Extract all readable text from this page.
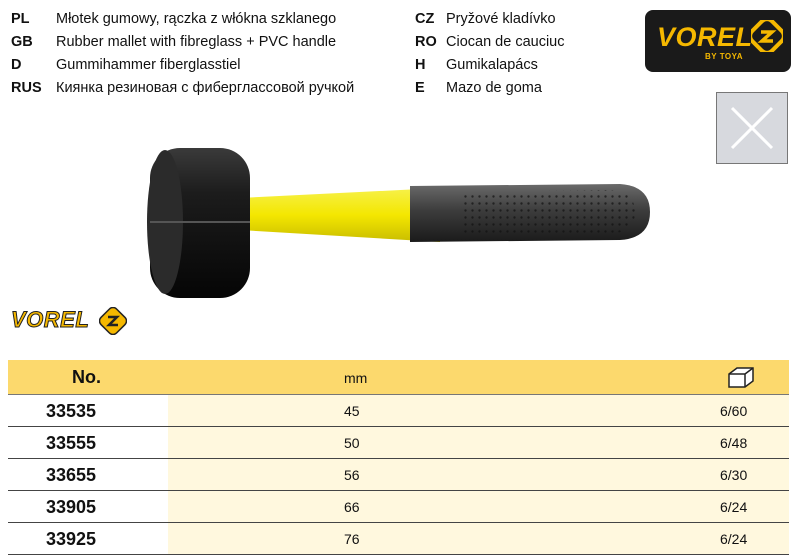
PL Młotek gumowy, rączka z włókna szklanego
GB Rubber mallet with fibreglass + PVC handle
D Gummihammer fiberglasstiel
RUS Киянка резиновая с фиберглассовой ручкой
CZ Pryžové kladívko
RO Ciocan de cauciuc
H Gumikalapács
E Mazo de goma
VOREL
BY TOYA
VOREL
No.	mm
33535	45	6/60
33555	50	6/48
33655	56	6/30
33905	66	6/24
33925	76	6/24
